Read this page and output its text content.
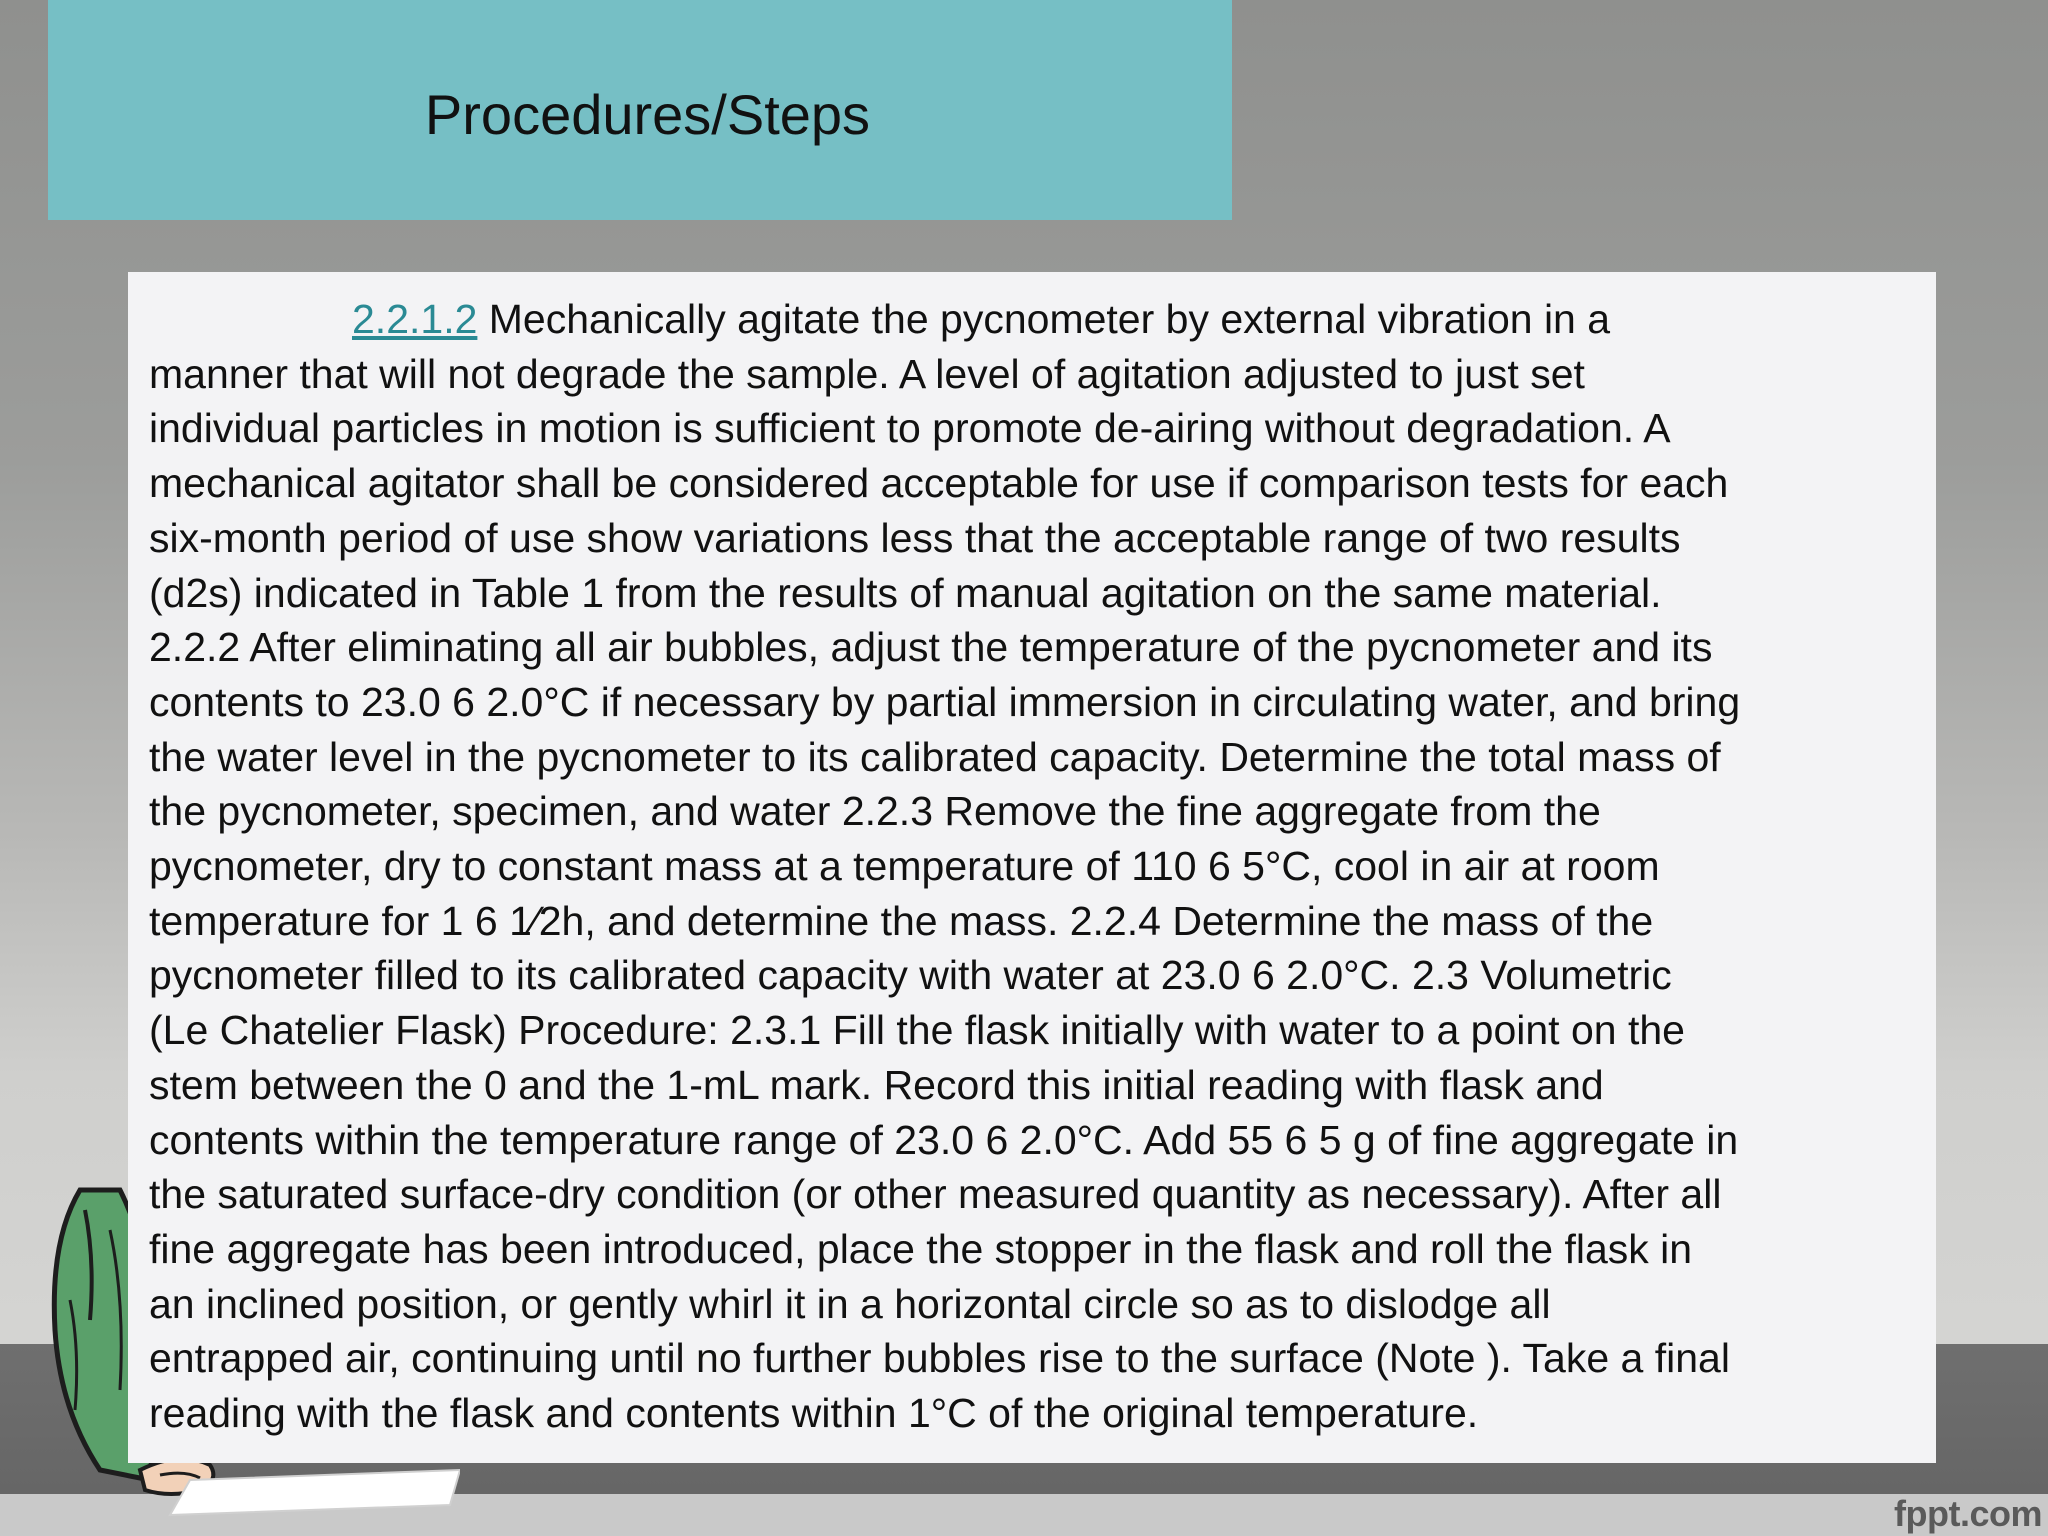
Procedures/Steps
2.2.1.2 Mechanically agitate the pycnometer by external vibration in a
manner that will not degrade the sample. A level of agitation adjusted to just set
individual particles in motion is sufficient to promote de-airing without degradation. A
mechanical agitator shall be considered acceptable for use if comparison tests for each
six-month period of use show variations less that the acceptable range of two results
(d2s) indicated in Table 1 from the results of manual agitation on the same material.
2.2.2 After eliminating all air bubbles, adjust the temperature of the pycnometer and its
contents to 23.0 6 2.0°C if necessary by partial immersion in circulating water, and bring
the water level in the pycnometer to its calibrated capacity. Determine the total mass of
the pycnometer, specimen, and water 2.2.3 Remove the fine aggregate from the
pycnometer, dry to constant mass at a temperature of 110 6 5°C, cool in air at room
temperature for 1 6 1⁄2h, and determine the mass. 2.2.4 Determine the mass of the
pycnometer filled to its calibrated capacity with water at 23.0 6 2.0°C. 2.3 Volumetric
(Le Chatelier Flask) Procedure: 2.3.1 Fill the flask initially with water to a point on the
stem between the 0 and the 1-mL mark. Record this initial reading with flask and
contents within the temperature range of 23.0 6 2.0°C. Add 55 6 5 g of fine aggregate in
the saturated surface-dry condition (or other measured quantity as necessary). After all
fine aggregate has been introduced, place the stopper in the flask and roll the flask in
an inclined position, or gently whirl it in a horizontal circle so as to dislodge all
entrapped air, continuing until no further bubbles rise to the surface (Note ). Take a final
reading with the flask and contents within 1°C of the original temperature.
fppt.com
